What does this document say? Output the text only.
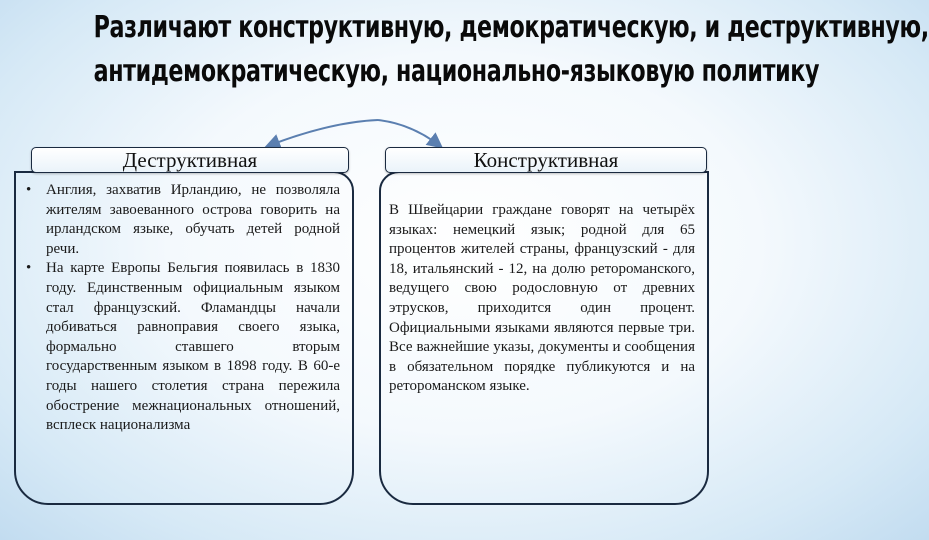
Различают конструктивную, демократическую, и деструктивную,
антидемократическую, национально-языковую политику
Деструктивная	Конструктивная
• Англия, захватив Ирландию, не позволяла жителям завоеванного острова говорить на ирландском языке, обучать детей родной речи.
• На карте Европы Бельгия появилась в 1830 году. Единственным официальным языком стал французский. Фламандцы начали добиваться равноправия своего языка, формально ставшего вторым государственным языком в 1898 году. В 60-е годы нашего столетия страна пережила обострение межнациональных отношений, всплеск национализма
В Швейцарии граждане говорят на четырёх языках: немецкий язык; родной для 65 процентов жителей страны, французский - для 18, итальянский - 12, на долю ретороманского, ведущего свою родословную от древних этрусков, приходится один процент. Официальными языками являются первые три. Все важнейшие указы, документы и сообщения в обязательном порядке публикуются и на ретороманском языке.
